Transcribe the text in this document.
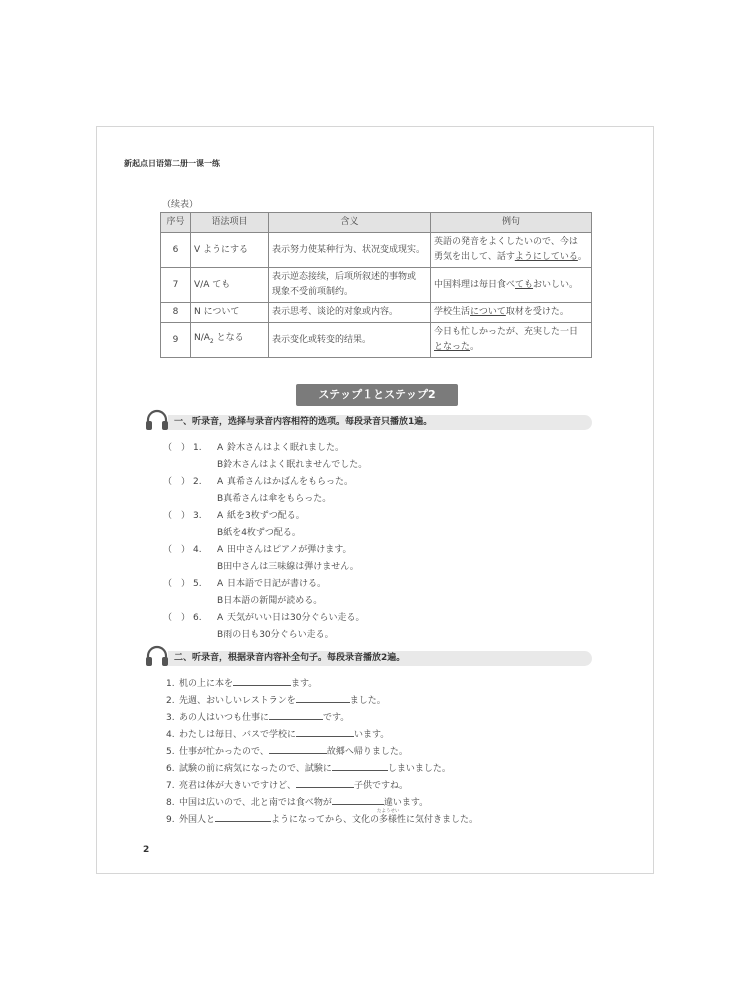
新起点日语第二册一课一练
（续表）
序号	语法项目	含义	例句
6	V ようにする	表示努力使某种行为、状况变成现实。	英語の発音をよくしたいので、今は
勇気を出して、話すようにしている。
7	V/A ても	表示逆态接续，后项所叙述的事物或
现象不受前项制约。	中国料理は毎日食べてもおいしい。
8	N について	表示思考、谈论的对象或内容。	学校生活について取材を受けた。
9	$N/A_2$ となる	表示变化或转变的结果。	今日も忙しかったが、充実した一日
となった。
ステップ１とステップ2
一、听录音，选择与录音内容相符的选项。每段录音只播放1遍。
（　） 1. A 鈴木さんはよく眠れました。
B鈴木さんはよく眠れませんでした。
（　） 2. A 真希さんはかばんをもらった。
B真希さんは傘をもらった。
（　） 3. A 紙を3枚ずつ配る。
B紙を4枚ずつ配る。
（　） 4. A 田中さんはピアノが弾けます。
B田中さんは三味線は弾けません。
（　） 5. A 日本語で日記が書ける。
B日本語の新聞が読める。
（　） 6. A 天気がいい日は30分ぐらい走る。
B雨の日も30分ぐらい走る。
二、听录音，根据录音内容补全句子。每段录音播放2遍。
1. 机の上に本を	ます。
2. 先週、おいしいレストランを	ました。
3. あの人はいつも仕事に	です。
4. わたしは毎日、バスで学校に	います。
5. 仕事が忙かったので、	故郷へ帰りました。
6. 試験の前に病気になったので、試験に	しまいました。
7. 亮君は体が大きいですけど、	子供ですね。
8. 中国は広いので、北と南では食べ物が	違います。
9. 外国人と	ようになってから、文化の
たようせい
多様性に気付きました。
2
